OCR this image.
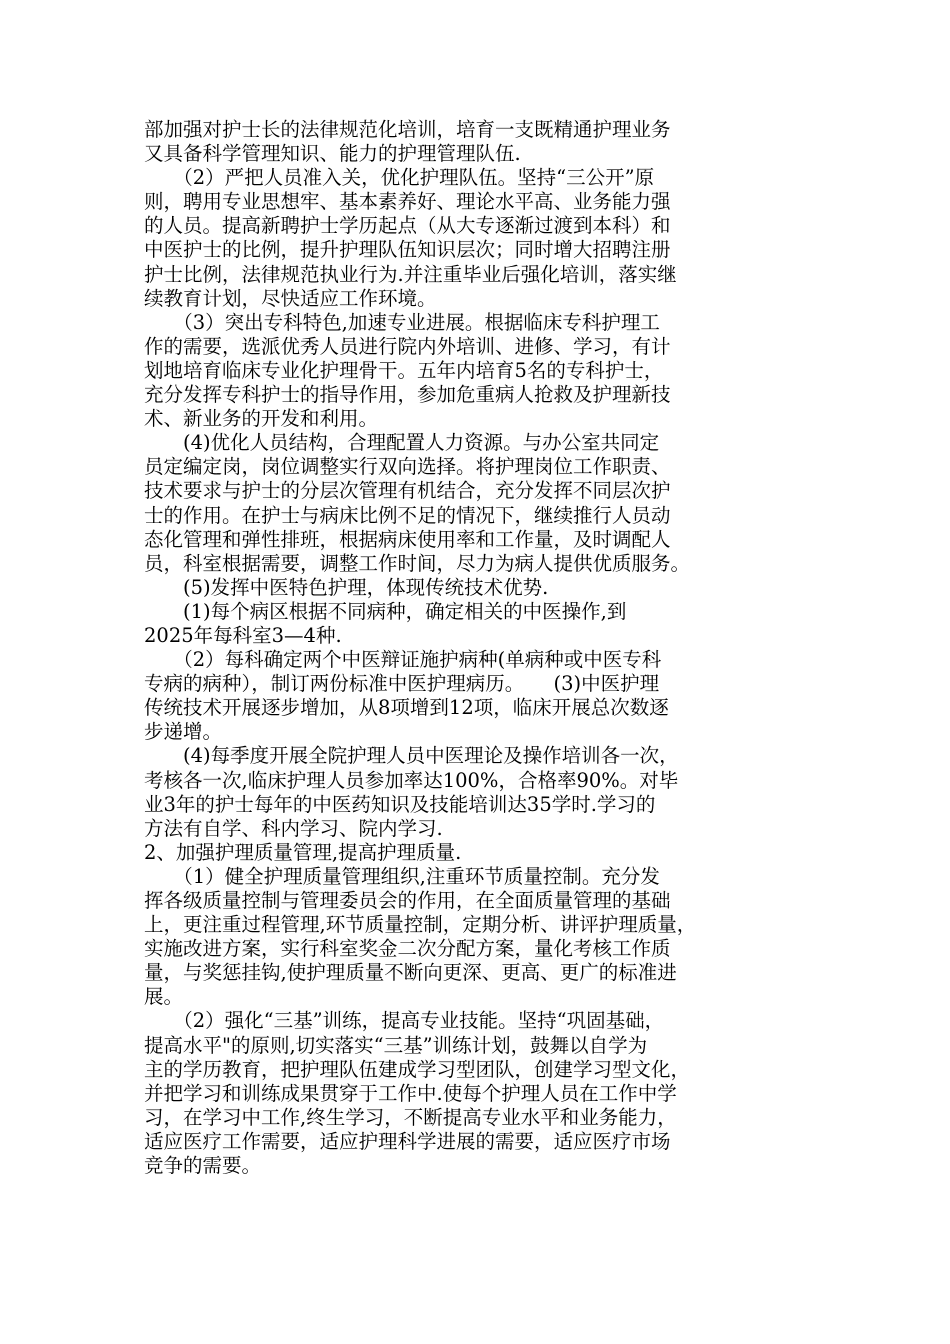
部加强对护士长的法律规范化培训，培育一支既精通护理业务
又具备科学管理知识、能力的护理管理队伍.
　　（2）严把人员准入关，优化护理队伍。坚持“三公开”原
则，聘用专业思想牢、基本素养好、理论水平高、业务能力强
的人员。提高新聘护士学历起点（从大专逐渐过渡到本科）和
中医护士的比例，提升护理队伍知识层次；同时增大招聘注册
护士比例，法律规范执业行为.并注重毕业后强化培训，落实继
续教育计划，尽快适应工作环境。
　　（3）突出专科特色,加速专业进展。根据临床专科护理工
作的需要，选派优秀人员进行院内外培训、进修、学习，有计
划地培育临床专业化护理骨干。五年内培育5名的专科护士，
充分发挥专科护士的指导作用，参加危重病人抢救及护理新技
术、新业务的开发和利用。
　　(4)优化人员结构，合理配置人力资源。与办公室共同定
员定编定岗，岗位调整实行双向选择。将护理岗位工作职责、
技术要求与护士的分层次管理有机结合，充分发挥不同层次护
士的作用。在护士与病床比例不足的情况下，继续推行人员动
态化管理和弹性排班，根据病床使用率和工作量，及时调配人
员，科室根据需要，调整工作时间，尽力为病人提供优质服务。
　　(5)发挥中医特色护理，体现传统技术优势.
　　(1)每个病区根据不同病种，确定相关的中医操作,到
2025年每科室3—4种.
　　（2）每科确定两个中医辩证施护病种(单病种或中医专科
专病的病种），制订两份标准中医护理病历。　　(3)中医护理
传统技术开展逐步增加，从8项增到12项，临床开展总次数逐
步递增。
　　(4)每季度开展全院护理人员中医理论及操作培训各一次，
考核各一次,临床护理人员参加率达100%，合格率90%。对毕
业3年的护士每年的中医药知识及技能培训达35学时.学习的
方法有自学、科内学习、院内学习.
2、加强护理质量管理,提高护理质量.
　　（1）健全护理质量管理组织,注重环节质量控制。充分发
挥各级质量控制与管理委员会的作用，在全面质量管理的基础
上，更注重过程管理,环节质量控制，定期分析、讲评护理质量，
实施改进方案，实行科室奖金二次分配方案，量化考核工作质
量，与奖惩挂钩,使护理质量不断向更深、更高、更广的标准进
展。
　　（2）强化“三基”训练，提高专业技能。坚持“巩固基础，
提高水平"的原则,切实落实“三基”训练计划，鼓舞以自学为
主的学历教育，把护理队伍建成学习型团队，创建学习型文化，
并把学习和训练成果贯穿于工作中.使每个护理人员在工作中学
习，在学习中工作,终生学习，不断提高专业水平和业务能力，
适应医疗工作需要，适应护理科学进展的需要，适应医疗市场
竞争的需要。
